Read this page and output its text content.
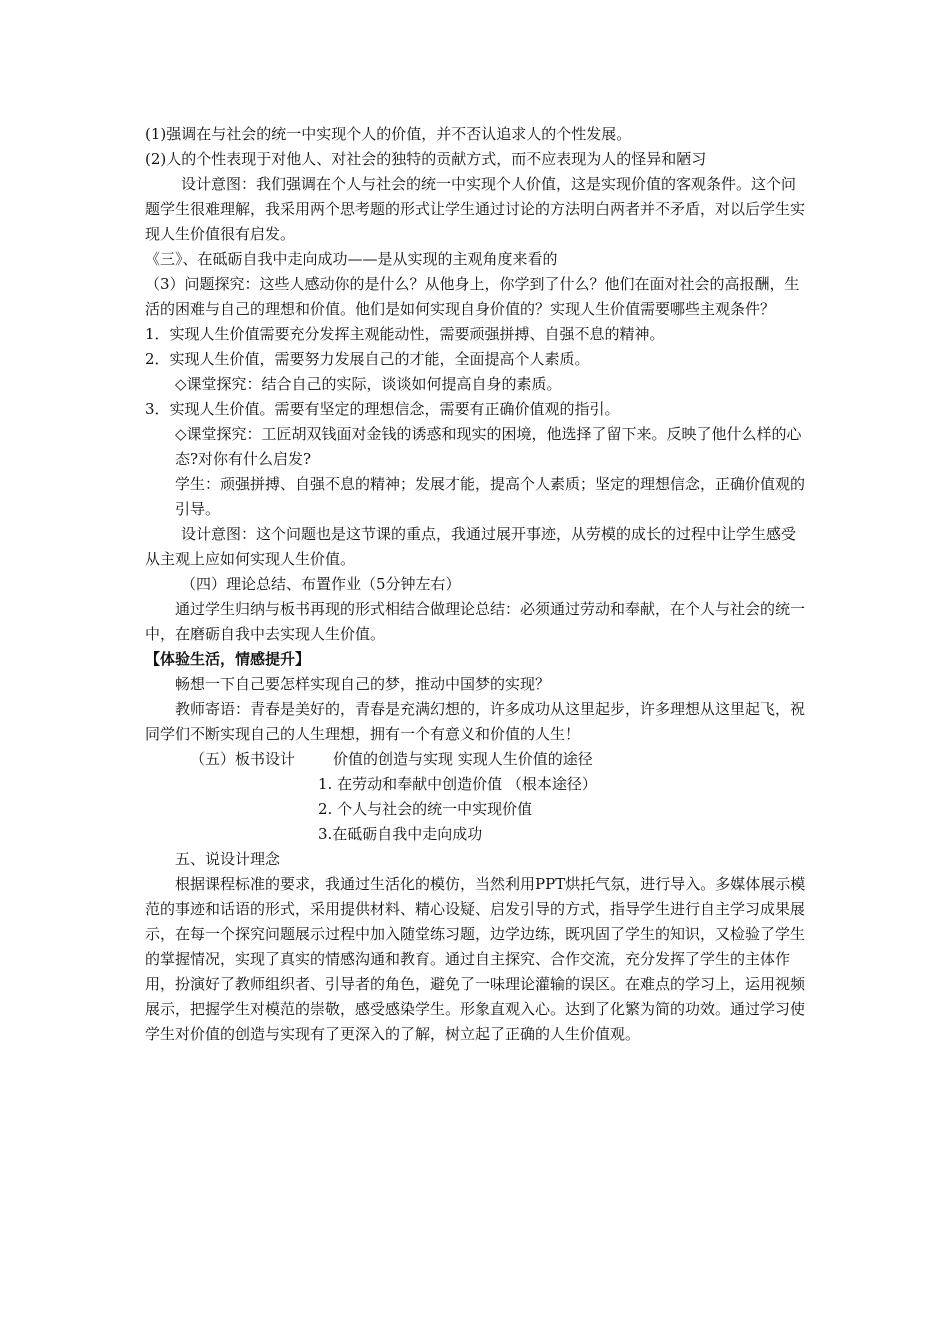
(1)强调在与社会的统一中实现个人的价值，并不否认追求人的个性发展。

(2)人的个性表现于对他人、对社会的独特的贡献方式，而不应表现为人的怪异和陋习

设计意图：我们强调在个人与社会的统一中实现个人价值，这是实现价值的客观条件。这个问题学生很难理解，我采用两个思考题的形式让学生通过讨论的方法明白两者并不矛盾，对以后学生实现人生价值很有启发。

《三》、在砥砺自我中走向成功——是从实现的主观角度来看的

（3）问题探究：这些人感动你的是什么？从他身上，你学到了什么？他们在面对社会的高报酬，生活的困难与自己的理想和价值。他们是如何实现自身价值的？实现人生价值需要哪些主观条件？

1．实现人生价值需要充分发挥主观能动性，需要顽强拼搏、自强不息的精神。

2．实现人生价值，需要努力发展自己的才能，全面提高个人素质。

◇课堂探究：结合自己的实际，谈谈如何提高自身的素质。

3．实现人生价值。需要有坚定的理想信念，需要有正确价值观的指引。

◇课堂探究：工匠胡双钱面对金钱的诱惑和现实的困境，他选择了留下来。反映了他什么样的心态?对你有什么启发?

学生：顽强拼搏、自强不息的精神；发展才能，提高个人素质；坚定的理想信念，正确价值观的引导。

设计意图：这个问题也是这节课的重点，我通过展开事迹，从劳模的成长的过程中让学生感受从主观上应如何实现人生价值。

（四）理论总结、布置作业（5分钟左右）

通过学生归纳与板书再现的形式相结合做理论总结：必须通过劳动和奉献，在个人与社会的统一中，在磨砺自我中去实现人生价值。

【体验生活，情感提升】

畅想一下自己要怎样实现自己的梦，推动中国梦的实现？

教师寄语：青春是美好的，青春是充满幻想的，许多成功从这里起步，许多理想从这里起飞，祝同学们不断实现自己的人生理想，拥有一个有意义和价值的人生！

（五）板书设计	价值的创造与实现 实现人生价值的途径

1. 在劳动和奉献中创造价值 （根本途径）

2. 个人与社会的统一中实现价值

3.在砥砺自我中走向成功

五、说设计理念

根据课程标准的要求，我通过生活化的模仿，当然利用PPT烘托气氛，进行导入。多媒体展示模范的事迹和话语的形式，采用提供材料、精心设疑、启发引导的方式，指导学生进行自主学习成果展示，在每一个探究问题展示过程中加入随堂练习题，边学边练，既巩固了学生的知识，又检验了学生的掌握情况，实现了真实的情感沟通和教育。通过自主探究、合作交流，充分发挥了学生的主体作用，扮演好了教师组织者、引导者的角色，避免了一味理论灌输的误区。在难点的学习上，运用视频展示，把握学生对模范的崇敬，感受感染学生。形象直观入心。达到了化繁为简的功效。通过学习使学生对价值的创造与实现有了更深入的了解，树立起了正确的人生价值观。
